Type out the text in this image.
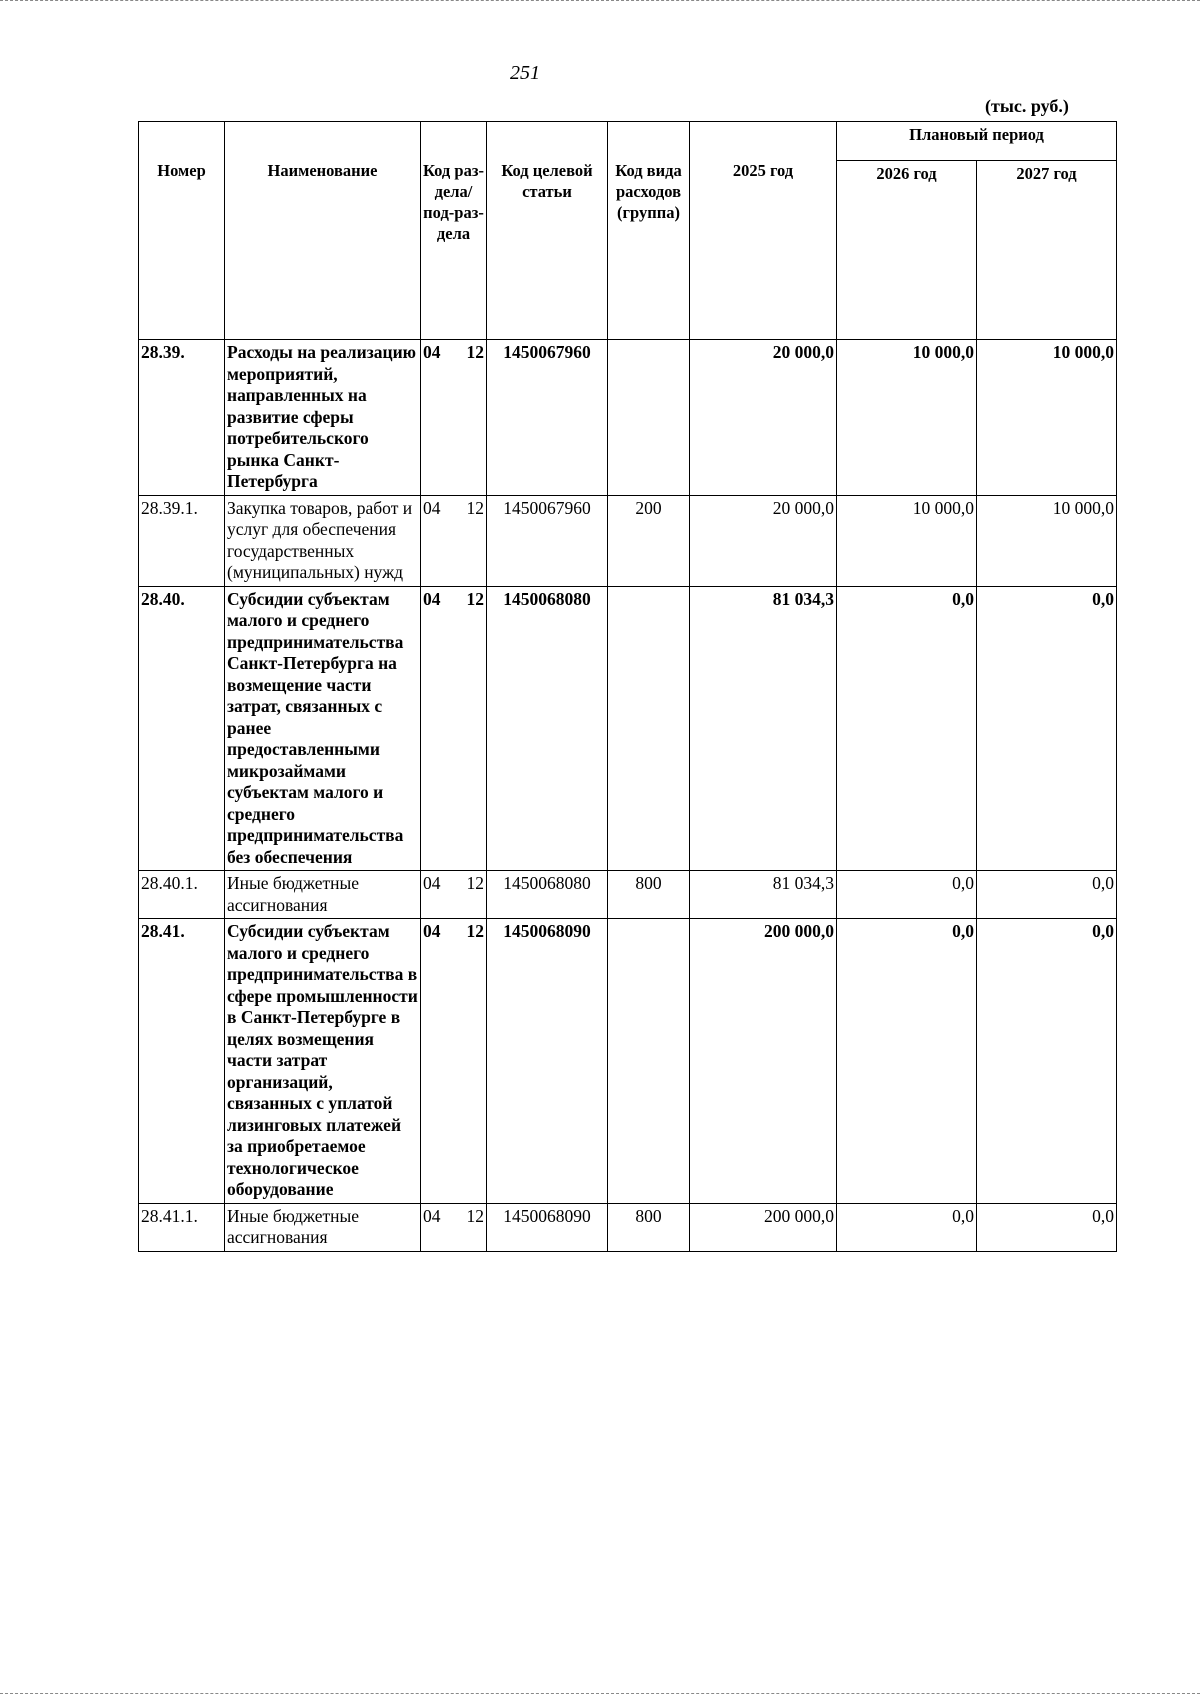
251
(тыс. руб.)
Номер	Наименование	Код раз-дела/ под-раз-дела	Код целевой статьи	Код вида расходов (группа)	2025 год	Плановый период	
						2026 год	2027 год
28.39.	Расходы на реализацию мероприятий, направленных на развитие сферы потребительского рынка Санкт-Петербурга	04 12	1450067960		20 000,0	10 000,0	10 000,0
28.39.1.	Закупка товаров, работ и услуг для обеспечения государственных (муниципальных) нужд	04 12	1450067960	200	20 000,0	10 000,0	10 000,0
28.40.	Субсидии субъектам малого и среднего предпринимательства Санкт-Петербурга на возмещение части затрат, связанных с ранее предоставленными микрозаймами субъектам малого и среднего предпринимательства без обеспечения	04 12	1450068080		81 034,3	0,0	0,0
28.40.1.	Иные бюджетные ассигнования	04 12	1450068080	800	81 034,3	0,0	0,0
28.41.	Субсидии субъектам малого и среднего предпринимательства в сфере промышленности в Санкт-Петербурге в целях возмещения части затрат организаций, связанных с уплатой лизинговых платежей за приобретаемое технологическое оборудование	04 12	1450068090		200 000,0	0,0	0,0
28.41.1.	Иные бюджетные ассигнования	04 12	1450068090	800	200 000,0	0,0	0,0
